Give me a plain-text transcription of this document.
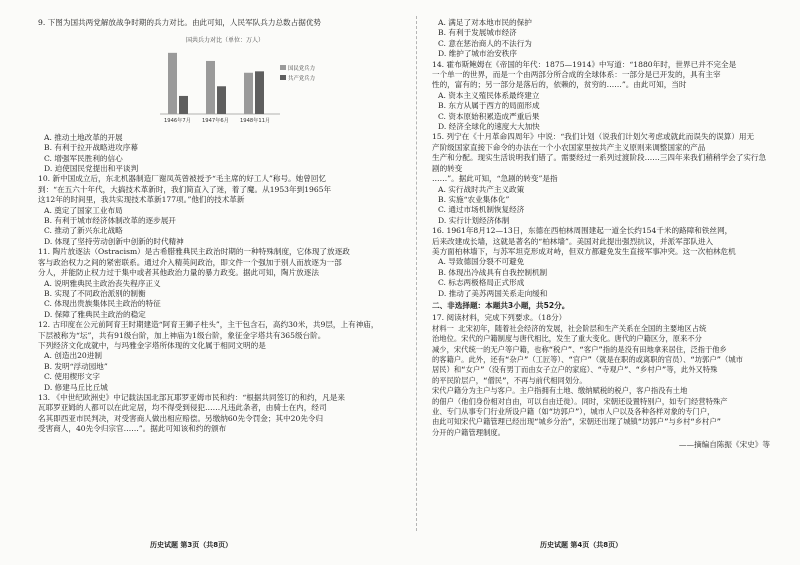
9. 下图为国共两党解放战争时期的兵力对比。由此可知，人民军队兵力总数占据优势

国共兵力对比（单位：万人）
1946年7月 1947年6月 1948年11月
国民党兵力
共产党兵力

A. 推动土地改革的开展

B. 有利于拉开战略进攻序幕

C. 增强军民胜利的信心

D. 迫使国民党提出和平谈判

10. 新中国成立后，东北机器制造厂谢凤英曾被授予“毛主席的好工人”称号。她曾回忆

到：“在五六十年代，大搞技术革新时，我们简直入了迷，着了魔。从1953年到1965年

这12年的时间里，我共实现技术革新177项。”他们的技术革新

A. 奠定了国家工业布局

B. 有利于城市经济体制改革的逐步展开

C. 推动了新兴东北战略

D. 体现了坚持劳动创新中创新的时代精神

11. 陶片放逐法（Ostracism）是古希腊雅典民主政治时期的一种特殊制度，它体现了放逐政

客与政治权力之间的紧密联系。通过介入精英间政治，即文件一个强加于别人而放逐为一部

分人，并能防止权力过于集中或者其他政治力量的暴力政变。据此可知，陶片放逐法

A. 说明雅典民主政治丧失程序正义

B. 实现了不同政治派别的制衡

C. 体现出贵族集体民主政治的特征

D. 保障了雅典民主政治的稳定

12. 古印度在公元前阿育王时期建造“阿育王狮子柱头”，主干包含石，高约30米，共9层，上有神庙，

下层被称为“坛”，共有91级台阶，加上神庙为1级台阶，象征金字塔共有365级台阶。

下列经济文化成就中，与玛雅金字塔所体现的文化属于相同文明的是

A. 创造出20进制

B. 发明“浮动园地”

C. 使用楔形文字

D. 修建马丘比丘城

13. 《中世纪欧洲史》中记载法国北部瓦耶罗亚姆市民和约：“根据共同签订的和约，凡是来

瓦耶罗亚姆的人都可以在此定居，均不得受到侵犯……凡违此条者，由骑士在内，经司

名其即西亚市民判决，对受害商人做出相应赔偿。另缴纳60先令罚金；其中20先令归

受害商人，40先令归宗官……”。据此可知该和约的颁布

A. 满足了对本地市民的保护

B. 有利于发展城市经济

C. 意在惩治商人的不法行为

D. 维护了城市治安秩序

14. 霍布斯鲍姆在《帝国的年代：1875—1914》中写道：“1880年时，世界已并不完全是

一个单一的世界，而是一个由两部分所合成的全球体系：一部分是已开发的，具有主宰

性的，富有的；另一部分是落后的，依赖的，贫穷的……”。由此可知，当时

A. 资本主义殖民体系最终建立

B. 东方从属于西方的局面形成

C. 资本原始积累造成严重后果

D. 经济全球化的速度大大加快

15. 列宁在《十月革命四周年》中说：“我们计划（说我们计划欠考虑或就此而误失的误算）用无

产阶级国家直接下命令的办法在一个小农国家里按共产主义原则来调整国家的产品

生产和分配。现实生活说明我们错了。需要经过一系列过渡阶段……三四年来我们稍稍学会了实行急剧的转变

……”。据此可知，“急剧的转变”是指

A. 实行战时共产主义政策

B. 实施“农业集体化”

C. 通过市场机制恢复经济

D. 实行计划经济体制

16. 1961年8月12—13日，东德在西柏林周围建起一道全长约154千米的路障和铁丝网，

后来改建成长墙，这就是著名的“柏林墙”。美国对此提出强烈抗议，并派军部队进入

美方面柏林墙下，与苏军坦克形成对峙，但双方都避免发生直接军事冲突。这一次柏林危机

A. 导致德国分裂不可避免

B. 体现出冷战具有自我控制机制

C. 标志两极格局正式形成

D. 推动了美苏两国关系走向缓和

二、非选择题：本题共3小题，共52分。

17. 阅读材料，完成下列要求。（18分）

材料一 北宋初年，随着社会经济的发展，社会阶层和生产关系在全国的主要地区占统

治地位。宋代的户籍制度与唐代相比，发生了重大变化。唐代的户籍区分，原来不分

减少，宋代统一的无户等户籍，也称“税户”、“客户”指的是没有田地拿来居住，泛指于他乡

的客籍户。此外，还有“杂户”（工匠等）、“官户”（就是在职的或离职的官员）、“坊郭户”（城市

居民）和“女户”（没有男丁而由女子立户的家庭）、“寺观户”、“乡村户”等，此外又特殊

的平民阶层户，“僧民”，不再与前代相同划分。

宋代户籍分为主户与客户。主户指拥有土地、缴纳赋税的税户，客户指没有土地

的佃户（他们身份相对自由，可以自由迁徙）。同时，宋朝还设置特别户，如专门经营特殊产

业、专门从事专门行业所设户籍（如“坊郭户”），城市人户以及各种各样对象的专门户，

由此可知宋代户籍管理已经出现“城乡分治”，宋朝还出现了城镇“坊郭户”与乡村“乡村户”

分开的户籍管理制度。

——摘编自陈振《宋史》等

历史试题 第3页（共8页）	历史试题 第4页（共8页）
